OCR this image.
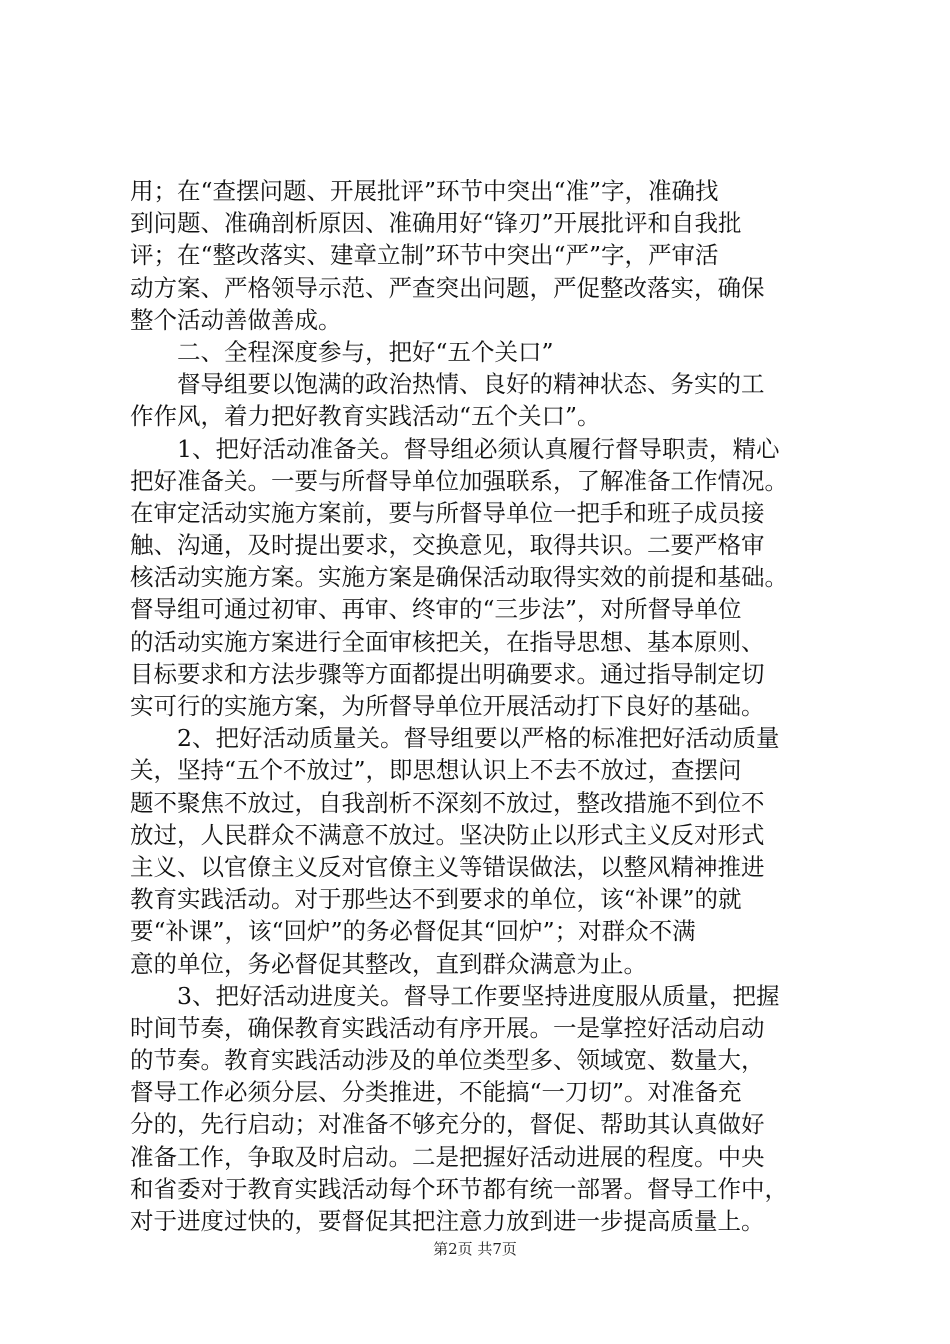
用；在“查摆问题、开展批评”环节中突出“准”字，准确找
到问题、准确剖析原因、准确用好“锋刃”开展批评和自我批
评；在“整改落实、建章立制”环节中突出“严”字，严审活
动方案、严格领导示范、严查突出问题，严促整改落实，确保
整个活动善做善成。
　　二、全程深度参与，把好“五个关口”
　　督导组要以饱满的政治热情、良好的精神状态、务实的工
作作风，着力把好教育实践活动“五个关口”。
　　1、把好活动准备关。督导组必须认真履行督导职责，精心
把好准备关。一要与所督导单位加强联系，了解准备工作情况。
在审定活动实施方案前，要与所督导单位一把手和班子成员接
触、沟通，及时提出要求，交换意见，取得共识。二要严格审
核活动实施方案。实施方案是确保活动取得实效的前提和基础。
督导组可通过初审、再审、终审的“三步法”，对所督导单位
的活动实施方案进行全面审核把关，在指导思想、基本原则、
目标要求和方法步骤等方面都提出明确要求。通过指导制定切
实可行的实施方案，为所督导单位开展活动打下良好的基础。
　　2、把好活动质量关。督导组要以严格的标准把好活动质量
关，坚持“五个不放过”，即思想认识上不去不放过，查摆问
题不聚焦不放过，自我剖析不深刻不放过，整改措施不到位不
放过，人民群众不满意不放过。坚决防止以形式主义反对形式
主义、以官僚主义反对官僚主义等错误做法，以整风精神推进
教育实践活动。对于那些达不到要求的单位，该“补课”的就
要“补课”，该“回炉”的务必督促其“回炉”；对群众不满
意的单位，务必督促其整改，直到群众满意为止。
　　3、把好活动进度关。督导工作要坚持进度服从质量，把握
时间节奏，确保教育实践活动有序开展。一是掌控好活动启动
的节奏。教育实践活动涉及的单位类型多、领域宽、数量大，
督导工作必须分层、分类推进，不能搞“一刀切”。对准备充
分的，先行启动；对准备不够充分的，督促、帮助其认真做好
准备工作，争取及时启动。二是把握好活动进展的程度。中央
和省委对于教育实践活动每个环节都有统一部署。督导工作中，
对于进度过快的，要督促其把注意力放到进一步提高质量上。
第2页 共7页
